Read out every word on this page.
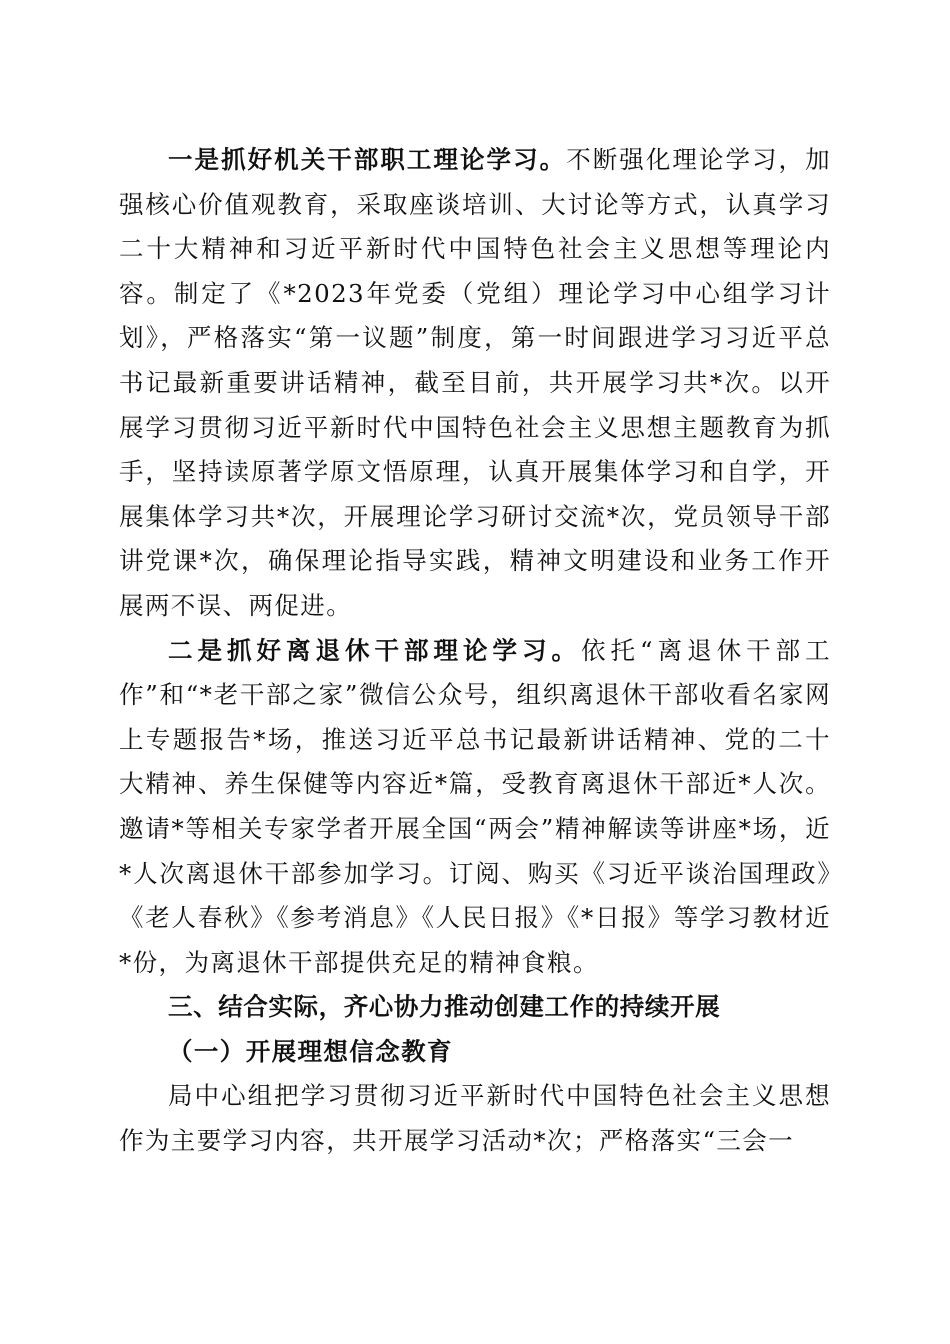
一是抓好机关干部职工理论学习。不断强化理论学习，加强核心价值观教育，采取座谈培训、大讨论等方式，认真学习二十大精神和习近平新时代中国特色社会主义思想等理论内容。制定了《*2023年党委（党组）理论学习中心组学习计划》，严格落实“第一议题”制度，第一时间跟进学习习近平总书记最新重要讲话精神，截至目前，共开展学习共*次。以开展学习贯彻习近平新时代中国特色社会主义思想主题教育为抓手，坚持读原著学原文悟原理，认真开展集体学习和自学，开展集体学习共*次，开展理论学习研讨交流*次，党员领导干部讲党课*次，确保理论指导实践，精神文明建设和业务工作开展两不误、两促进。

二是抓好离退休干部理论学习。依托“离退休干部工作”和“*老干部之家”微信公众号，组织离退休干部收看名家网上专题报告*场，推送习近平总书记最新讲话精神、党的二十大精神、养生保健等内容近*篇，受教育离退休干部近*人次。邀请*等相关专家学者开展全国“两会”精神解读等讲座*场，近*人次离退休干部参加学习。订阅、购买《习近平谈治国理政》《老人春秋》《参考消息》《人民日报》《*日报》等学习教材近*份，为离退休干部提供充足的精神食粮。

三、结合实际，齐心协力推动创建工作的持续开展

（一）开展理想信念教育

局中心组把学习贯彻习近平新时代中国特色社会主义思想作为主要学习内容，共开展学习活动*次；严格落实“三会一
